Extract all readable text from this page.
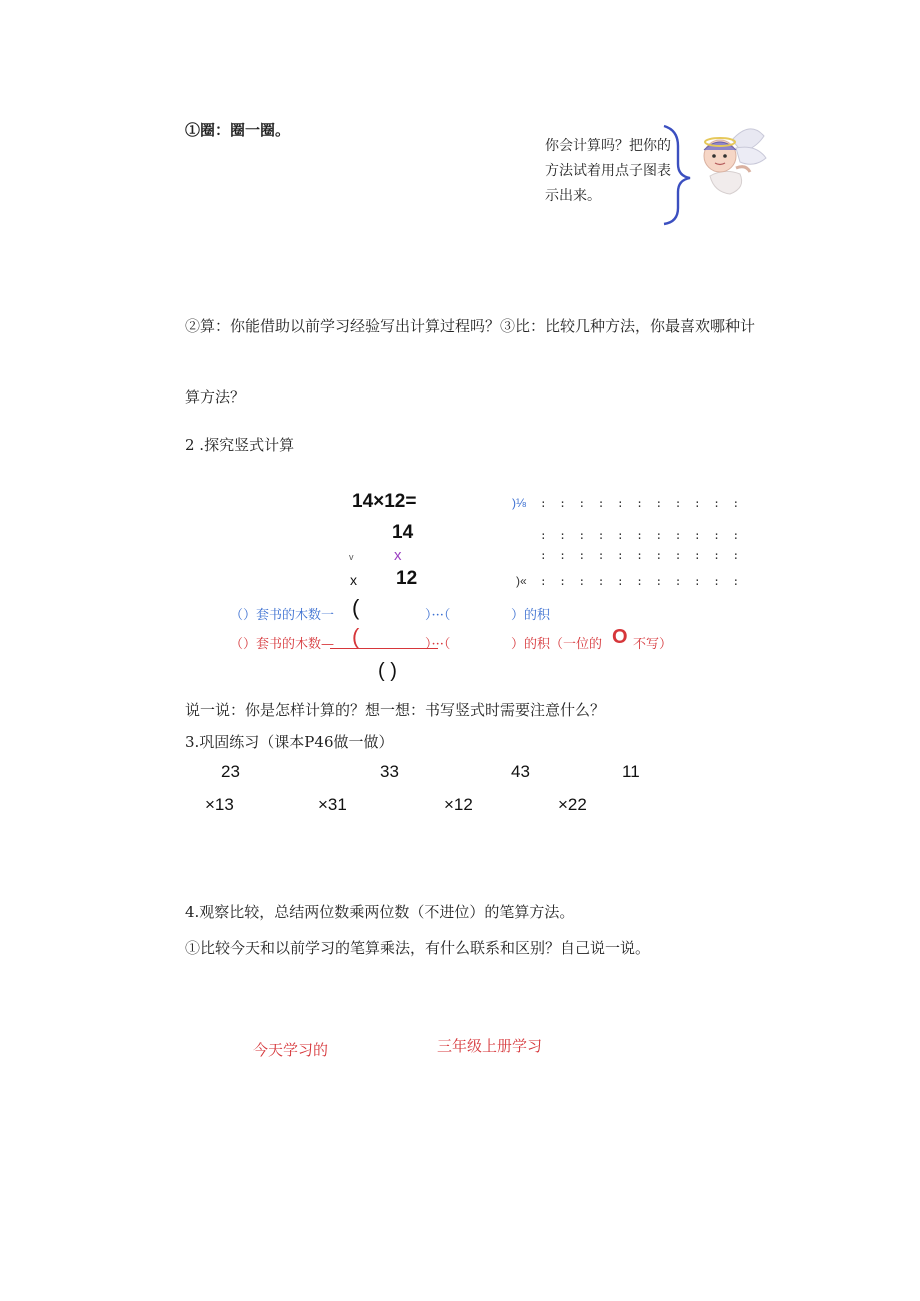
①圈：圈一圈。
你会计算吗？把你的方法试着用点子图表示出来。
②算：你能借助以前学习经验写出计算过程吗？③比：比较几种方法，你最喜欢哪种计
算方法？
2 .探究竖式计算
14×12=
14
x
v
x 12
)⅛ : : : : : : : : : : :
: : : : : : : : : : :
: : : : : : : : : : :
)« : : : : : : : : : : :
（）套书的木数一 (	）···（	）的积
（）套书的木数— (	）···（	）的积（一位的 O 不写）
( )
说一说：你是怎样计算的？想一想：书写竖式时需要注意什么？
3.巩固练习（课本P46做一做）
23	33	43	11
×13	×31	×12	×22
4.观察比较，总结两位数乘两位数（不进位）的笔算方法。
①比较今天和以前学习的笔算乘法，有什么联系和区别？自己说一说。
今天学习的	三年级上册学习
